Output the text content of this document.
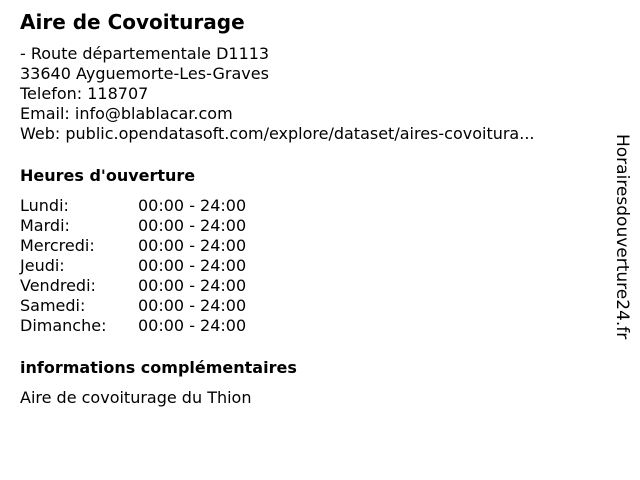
Aire de Covoiturage
- Route départementale D1113
33640 Ayguemorte-Les-Graves
Telefon: 118707
Email: info@blablacar.com
Web: public.opendatasoft.com/explore/dataset/aires-covoitura...
Heures d'ouverture
Lundi:	00:00 - 24:00
Mardi:	00:00 - 24:00
Mercredi:	00:00 - 24:00
Jeudi:	00:00 - 24:00
Vendredi:	00:00 - 24:00
Samedi:	00:00 - 24:00
Dimanche:	00:00 - 24:00
informations complémentaires
Aire de covoiturage du Thion
Horairesdouverture24.fr
